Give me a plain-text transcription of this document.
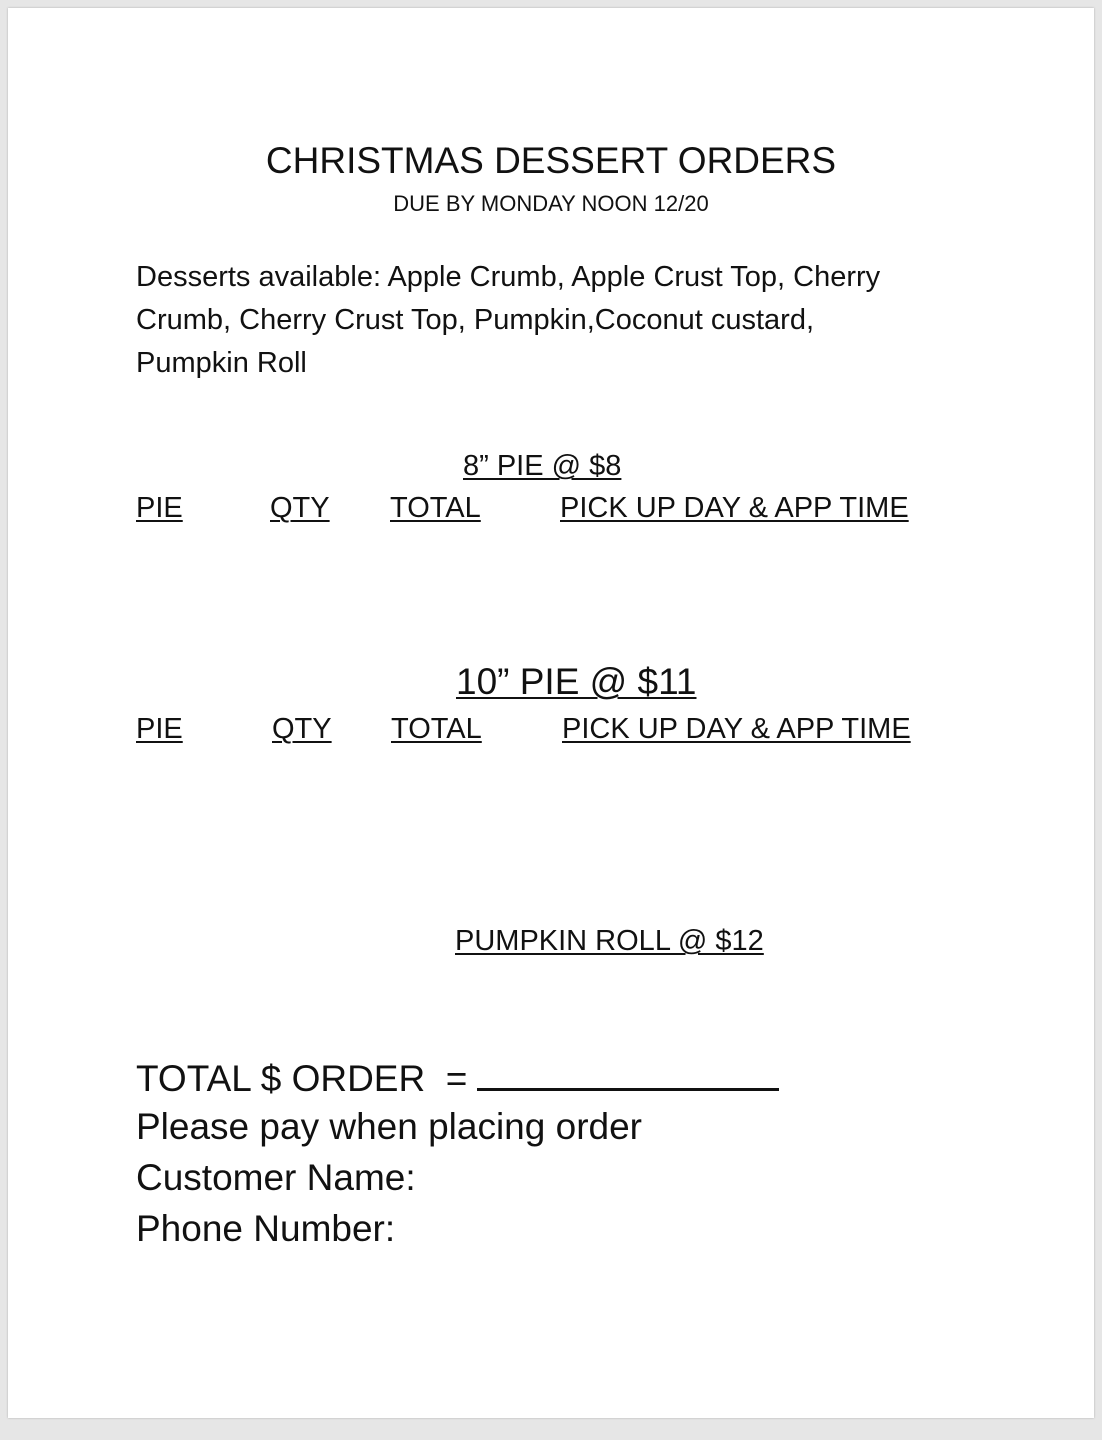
CHRISTMAS DESSERT ORDERS
DUE BY MONDAY NOON 12/20
Desserts available: Apple Crumb, Apple Crust Top, Cherry
Crumb, Cherry Crust Top, Pumpkin,Coconut custard,
Pumpkin Roll
8” PIE @ $8
PIE	QTY TOTAL	PICK UP DAY & APP TIME
10” PIE @ $11
PIE	QTY TOTAL	PICK UP DAY & APP TIME
PUMPKIN ROLL @ $12
TOTAL $ ORDER  =
Please pay when placing order
Customer Name:
Phone Number:
